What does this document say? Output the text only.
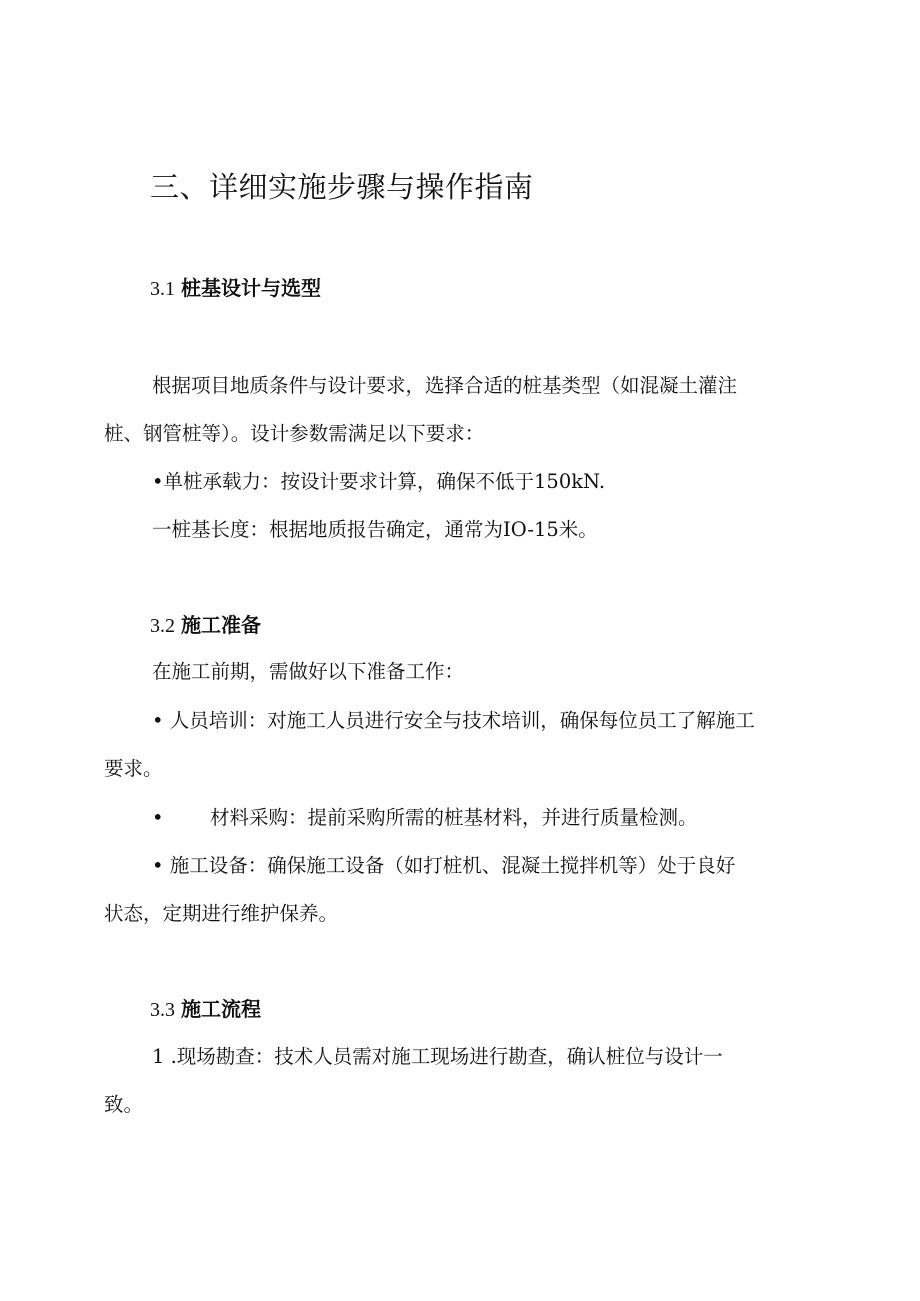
三、详细实施步骤与操作指南
3.1 桩基设计与选型
根据项目地质条件与设计要求，选择合适的桩基类型（如混凝土灌注
桩、钢管桩等）。设计参数需满足以下要求：
•单桩承载力：按设计要求计算，确保不低于150kN.
一桩基长度：根据地质报告确定，通常为IO-15米。
3.2 施工准备
在施工前期，需做好以下准备工作：
• 人员培训：对施工人员进行安全与技术培训，确保每位员工了解施工
要求。
• 材料采购：提前采购所需的桩基材料，并进行质量检测。
• 施工设备：确保施工设备（如打桩机、混凝土搅拌机等）处于良好
状态，定期进行维护保养。
3.3 施工流程
1 .现场勘查：技术人员需对施工现场进行勘查，确认桩位与设计一
致。
